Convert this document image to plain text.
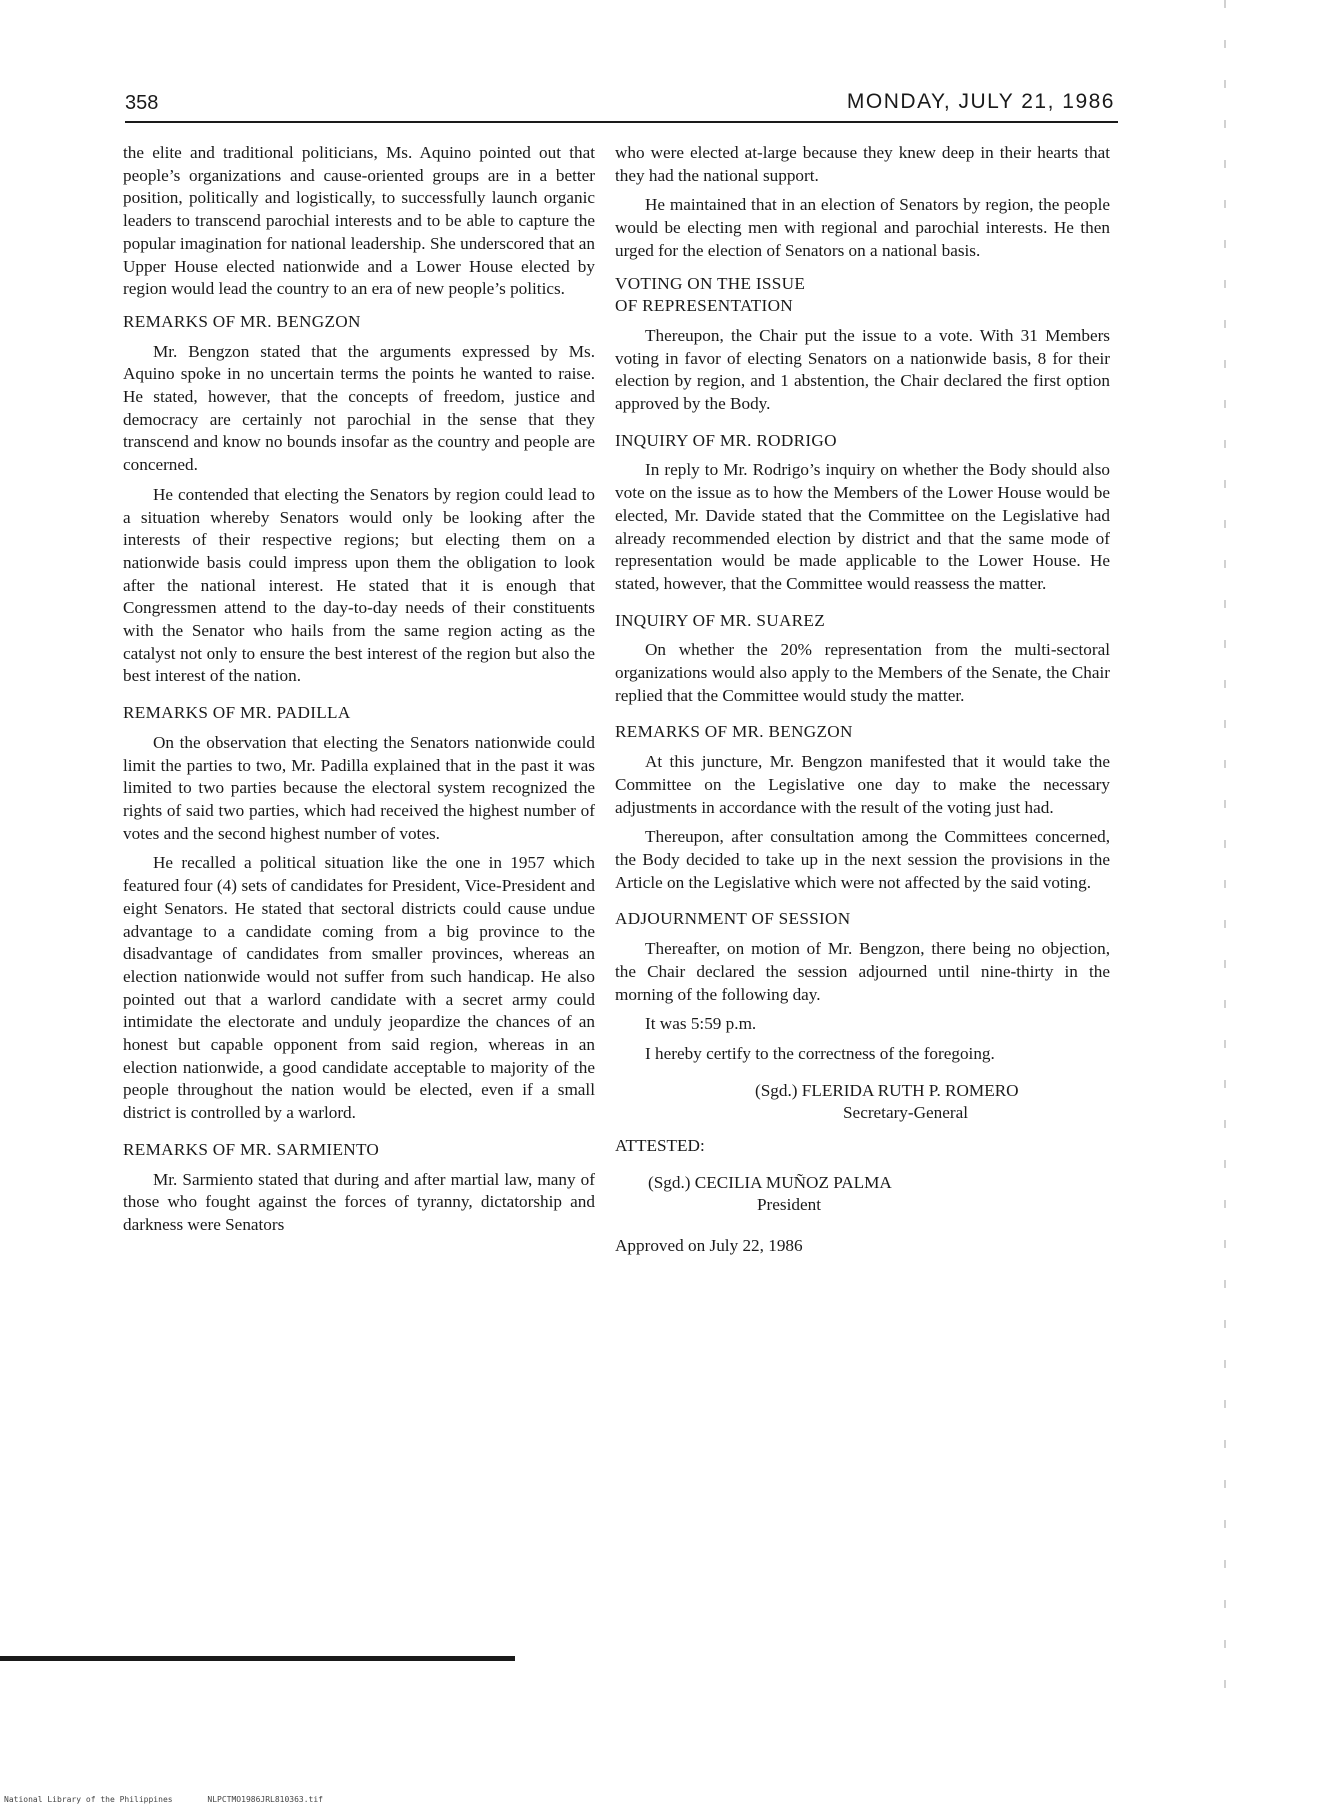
358	MONDAY, JULY 21, 1986

the elite and traditional politicians, Ms. Aquino pointed out that people’s organizations and cause-oriented groups are in a better position, politically and logistically, to successfully launch organic leaders to transcend parochial interests and to be able to capture the popular imagination for national leadership. She underscored that an Upper House elected nationwide and a Lower House elected by region would lead the country to an era of new people’s politics.

REMARKS OF MR. BENGZON

Mr. Bengzon stated that the arguments expressed by Ms. Aquino spoke in no uncertain terms the points he wanted to raise. He stated, however, that the concepts of freedom, justice and democracy are certainly not parochial in the sense that they transcend and know no bounds insofar as the country and people are concerned.

He contended that electing the Senators by region could lead to a situation whereby Senators would only be looking after the interests of their respective regions; but electing them on a nationwide basis could impress upon them the obligation to look after the national interest. He stated that it is enough that Congressmen attend to the day-to-day needs of their constituents with the Senator who hails from the same region acting as the catalyst not only to ensure the best interest of the region but also the best interest of the nation.

REMARKS OF MR. PADILLA

On the observation that electing the Senators nationwide could limit the parties to two, Mr. Padilla explained that in the past it was limited to two parties because the electoral system recognized the rights of said two parties, which had received the highest number of votes and the second highest number of votes.

He recalled a political situation like the one in 1957 which featured four (4) sets of candidates for President, Vice-President and eight Senators. He stated that sectoral districts could cause undue advantage to a candidate coming from a big province to the disadvantage of candidates from smaller provinces, whereas an election nationwide would not suffer from such handicap. He also pointed out that a warlord candidate with a secret army could intimidate the electorate and unduly jeopardize the chances of an honest but capable opponent from said region, whereas in an election nationwide, a good candidate acceptable to majority of the people throughout the nation would be elected, even if a small district is controlled by a warlord.

REMARKS OF MR. SARMIENTO

Mr. Sarmiento stated that during and after martial law, many of those who fought against the forces of tyranny, dictatorship and darkness were Senators

who were elected at-large because they knew deep in their hearts that they had the national support.

He maintained that in an election of Senators by region, the people would be electing men with regional and parochial interests. He then urged for the election of Senators on a national basis.

VOTING ON THE ISSUE
OF REPRESENTATION

Thereupon, the Chair put the issue to a vote. With 31 Members voting in favor of electing Senators on a nationwide basis, 8 for their election by region, and 1 abstention, the Chair declared the first option approved by the Body.

INQUIRY OF MR. RODRIGO

In reply to Mr. Rodrigo’s inquiry on whether the Body should also vote on the issue as to how the Members of the Lower House would be elected, Mr. Davide stated that the Committee on the Legislative had already recommended election by district and that the same mode of representation would be made applicable to the Lower House. He stated, however, that the Committee would reassess the matter.

INQUIRY OF MR. SUAREZ

On whether the 20% representation from the multi-sectoral organizations would also apply to the Members of the Senate, the Chair replied that the Committee would study the matter.

REMARKS OF MR. BENGZON

At this juncture, Mr. Bengzon manifested that it would take the Committee on the Legislative one day to make the necessary adjustments in accordance with the result of the voting just had.

Thereupon, after consultation among the Committees concerned, the Body decided to take up in the next session the provisions in the Article on the Legislative which were not affected by the said voting.

ADJOURNMENT OF SESSION

Thereafter, on motion of Mr. Bengzon, there being no objection, the Chair declared the session adjourned until nine-thirty in the morning of the following day.

It was 5:59 p.m.

I hereby certify to the correctness of the foregoing.

(Sgd.) FLERIDA RUTH P. ROMERO
Secretary-General
ATTESTED:
(Sgd.) CECILIA MUÑOZ PALMA
President
Approved on July 22, 1986
National Library of the Philippines	NLPCTMO1986JRL810363.tif
